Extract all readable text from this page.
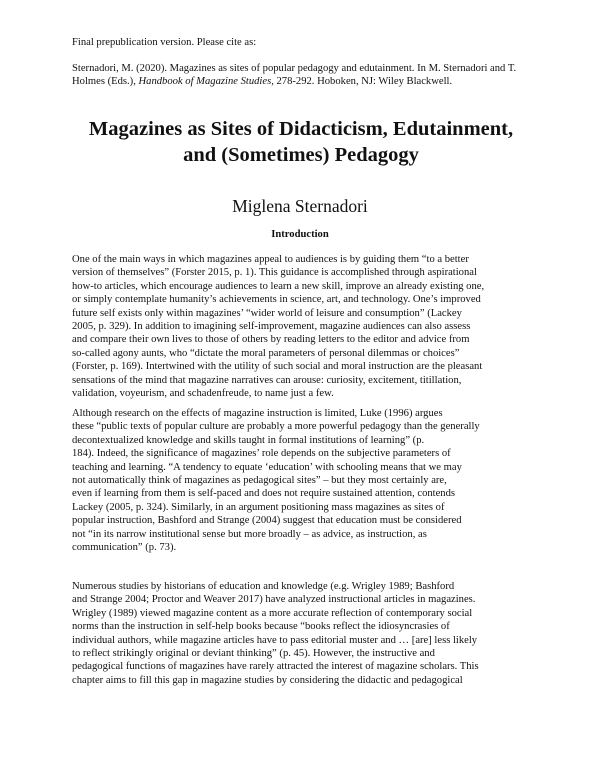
Final prepublication version. Please cite as:

Sternadori, M. (2020). Magazines as sites of popular pedagogy and edutainment. In M. Sternadori and T. Holmes (Eds.), Handbook of Magazine Studies, 278-292. Hoboken, NJ: Wiley Blackwell.

Magazines as Sites of Didacticism, Edutainment,
and (Sometimes) Pedagogy
Miglena Sternadori
Introduction
One of the main ways in which magazines appeal to audiences is by guiding them “to a better
version of themselves” (Forster 2015, p. 1). This guidance is accomplished through aspirational
how-to articles, which encourage audiences to learn a new skill, improve an already existing one,
or simply contemplate humanity’s achievements in science, art, and technology. One’s improved
future self exists only within magazines’ “wider world of leisure and consumption” (Lackey
2005, p. 329). In addition to imagining self-improvement, magazine audiences can also assess
and compare their own lives to those of others by reading letters to the editor and advice from
so-called agony aunts, who “dictate the moral parameters of personal dilemmas or choices”
(Forster, p. 169). Intertwined with the utility of such social and moral instruction are the pleasant
sensations of the mind that magazine narratives can arouse: curiosity, excitement, titillation,
validation, voyeurism, and schadenfreude, to name just a few.
Although research on the effects of magazine instruction is limited, Luke (1996) argues
these “public texts of popular culture are probably a more powerful pedagogy than the generally
decontextualized knowledge and skills taught in formal institutions of learning” (p.
184). Indeed, the significance of magazines’ role depends on the subjective parameters of
teaching and learning. “A tendency to equate ‘education’ with schooling means that we may
not automatically think of magazines as pedagogical sites” – but they most certainly are,
even if learning from them is self-paced and does not require sustained attention, contends
Lackey (2005, p. 324). Similarly, in an argument positioning mass magazines as sites of
popular instruction, Bashford and Strange (2004) suggest that education must be considered
not “in its narrow institutional sense but more broadly – as advice, as instruction, as
communication” (p. 73).
Numerous studies by historians of education and knowledge (e.g. Wrigley 1989; Bashford
and Strange 2004; Proctor and Weaver 2017) have analyzed instructional articles in magazines.
Wrigley (1989) viewed magazine content as a more accurate reflection of contemporary social
norms than the instruction in self-help books because “books reflect the idiosyncrasies of
individual authors, while magazine articles have to pass editorial muster and … [are] less likely
to reflect strikingly original or deviant thinking” (p. 45). However, the instructive and
pedagogical functions of magazines have rarely attracted the interest of magazine scholars. This
chapter aims to fill this gap in magazine studies by considering the didactic and pedagogical
